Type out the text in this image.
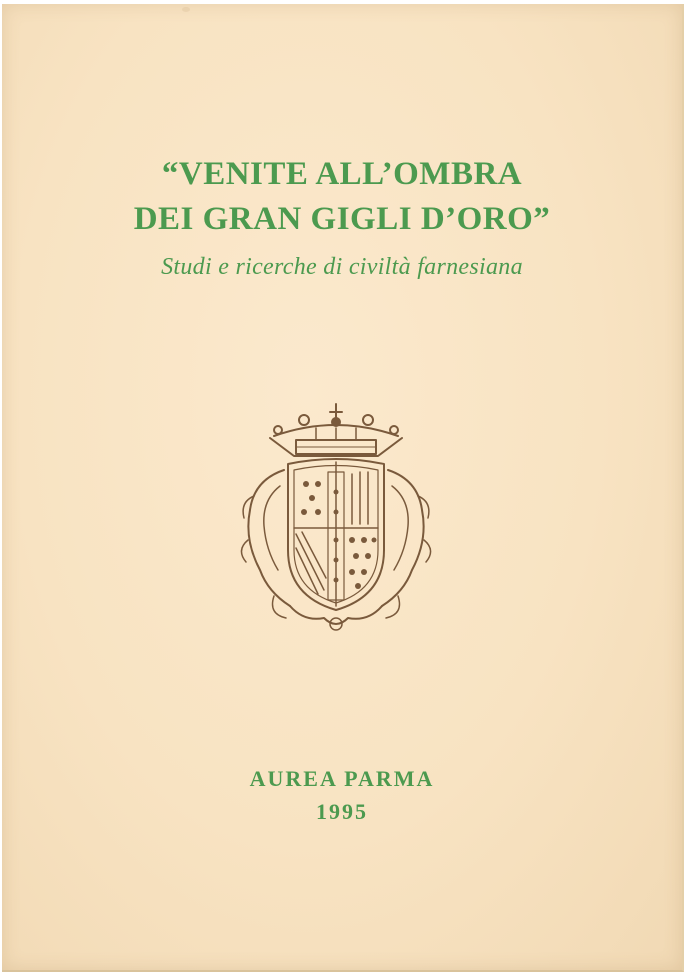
“VENITE ALL’OMBRA
DEI GRAN GIGLI D’ORO”
Studi e ricerche di civiltà farnesiana
AUREA PARMA
1995
